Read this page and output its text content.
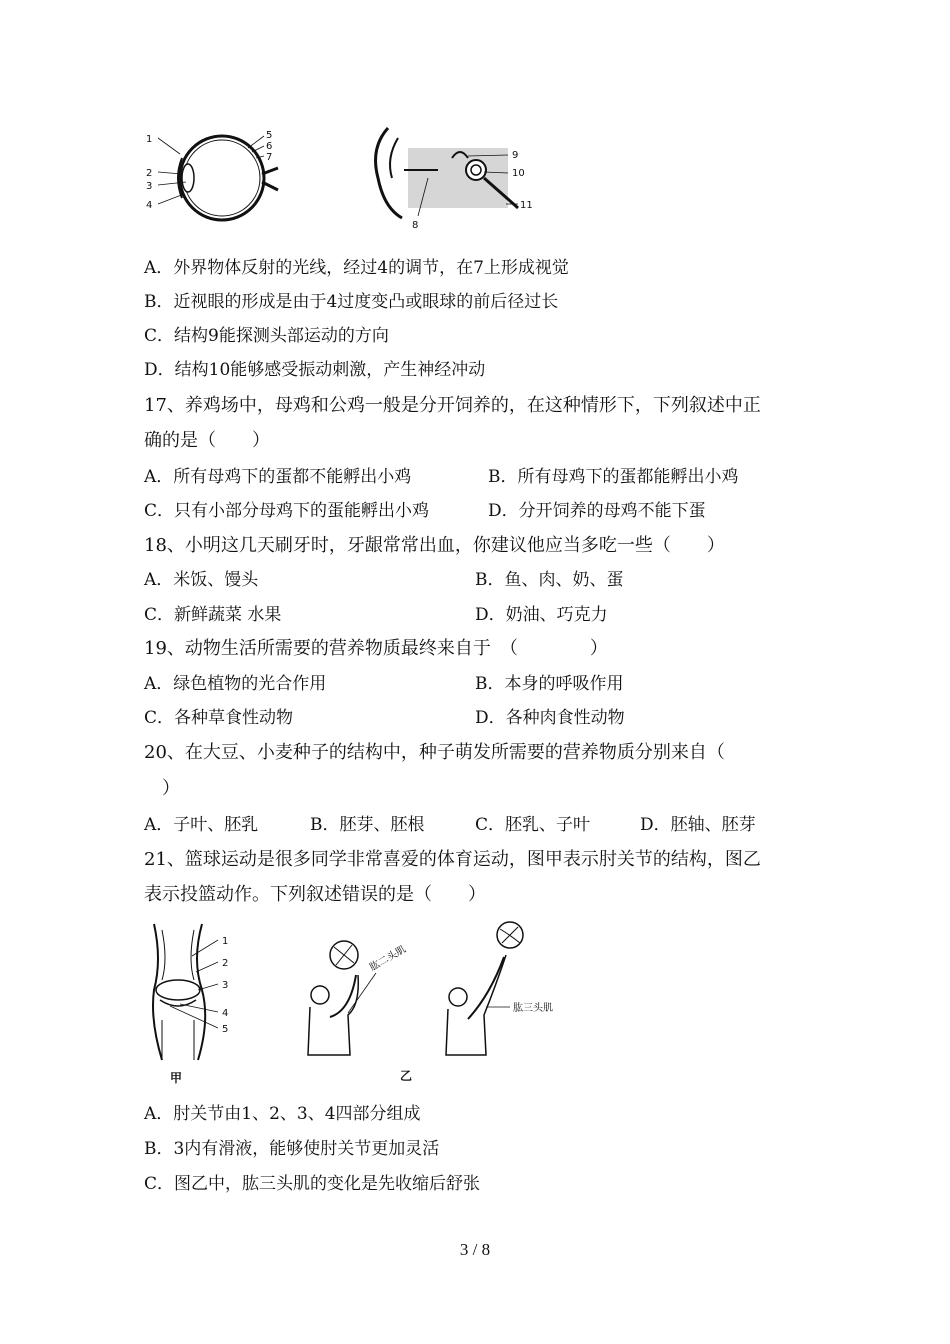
1
2
3
4
5
6
7
8
9
10
11
A．外界物体反射的光线，经过4的调节，在7上形成视觉
B．近视眼的形成是由于4过度变凸或眼球的前后径过长
C．结构9能探测头部运动的方向
D．结构10能够感受振动刺激，产生神经冲动
17、养鸡场中，母鸡和公鸡一般是分开饲养的，在这种情形下，下列叙述中正
确的是（　　）
A．所有母鸡下的蛋都不能孵出小鸡	B．所有母鸡下的蛋都能孵出小鸡
C．只有小部分母鸡下的蛋能孵出小鸡	D．分开饲养的母鸡不能下蛋
18、小明这几天刷牙时，牙龈常常出血，你建议他应当多吃一些（　　）
A．米饭、馒头	B．鱼、肉、奶、蛋
C．新鲜蔬菜 水果	D．奶油、巧克力
19、动物生活所需要的营养物质最终来自于　（　　　　）
A．绿色植物的光合作用	B．本身的呼吸作用
C．各种草食性动物	D．各种肉食性动物
20、在大豆、小麦种子的结构中，种子萌发所需要的营养物质分别来自（
）
A．子叶、胚乳	B．胚芽、胚根	C．胚乳、子叶	D．胚轴、胚芽
21、篮球运动是很多同学非常喜爱的体育运动，图甲表示肘关节的结构，图乙
表示投篮动作。下列叙述错误的是（　　）
1
2
3
4
5
甲
肱二头肌
肱三头肌
乙
A．肘关节由1、2、3、4四部分组成
B．3内有滑液，能够使肘关节更加灵活
C．图乙中，肱三头肌的变化是先收缩后舒张
3 / 8
